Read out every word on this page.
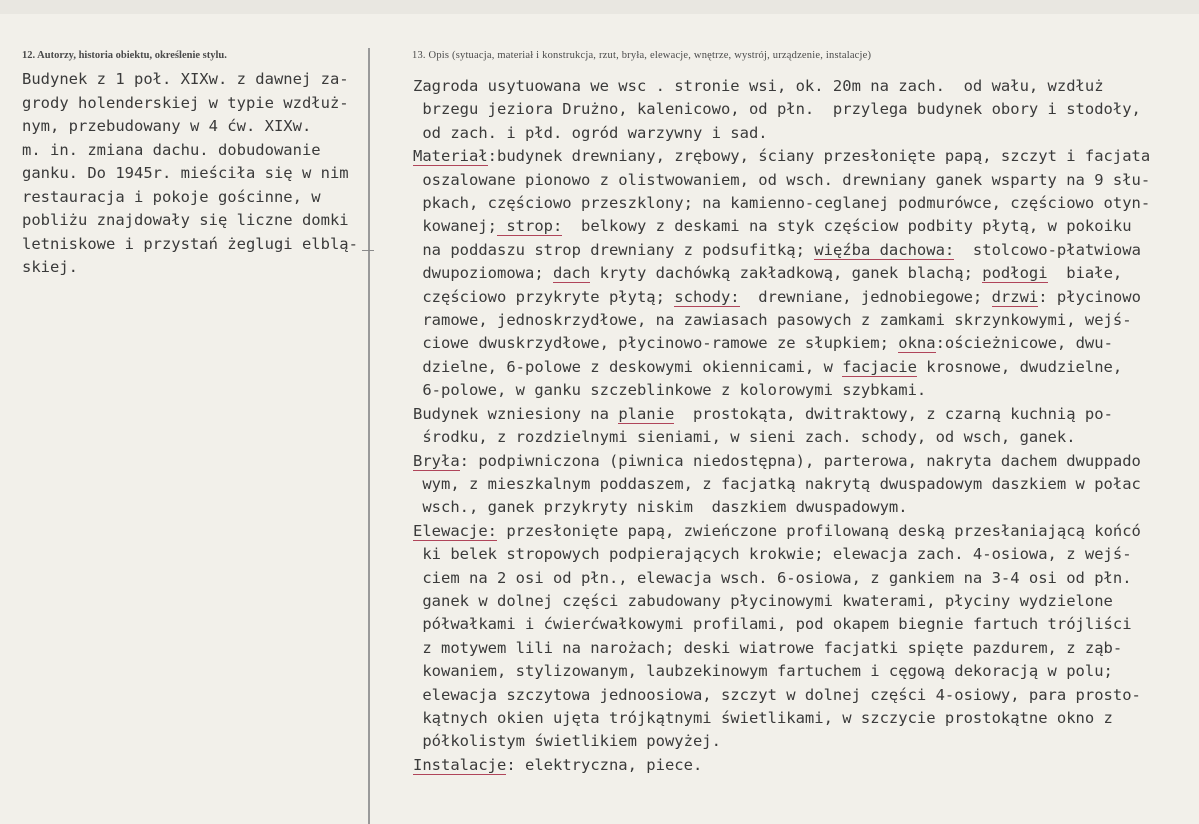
12. Autorzy, historia obiektu, określenie stylu.
Budynek z 1 poł. XIXw. z dawnej za-
grody holenderskiej w typie wzdłuż-
nym, przebudowany w 4 ćw. XIXw.
m. in. zmiana dachu. dobudowanie
ganku. Do 1945r. mieściła się w nim
restauracja i pokoje gościnne, w
pobliżu znajdowały się liczne domki
letniskowe i przystań żeglugi elblą-
skiej.
13. Opis (sytuacja, materiał i konstrukcja, rzut, bryła, elewacje, wnętrze, wystrój, urządzenie, instalacje)
Zagroda usytuowana we wsc . stronie wsi, ok. 20m na zach.  od wału, wzdłuż
brzegu jeziora Drużno, kalenicowo, od płn.  przylega budynek obory i stodoły,
od zach. i płd. ogród warzywny i sad.
Materiał:budynek drewniany, zrębowy, ściany przesłonięte papą, szczyt i facjata
oszalowane pionowo z olistwowaniem, od wsch. drewniany ganek wsparty na 9 słu-
pkach, częściowo przeszklony; na kamienno-ceglanej podmurówce, częściowo otyn-
kowanej; strop:  belkowy z deskami na styk częściow podbity płytą, w pokoiku
na poddaszu strop drewniany z podsufitką; więźba dachowa:  stolcowo-płatwiowa
dwupoziomowa; dach kryty dachówką zakładkową, ganek blachą; podłogi  białe,
częściowo przykryte płytą; schody:  drewniane, jednobiegowe; drzwi: płycinowo
ramowe, jednoskrzydłowe, na zawiasach pasowych z zamkami skrzynkowymi, wejś-
ciowe dwuskrzydłowe, płycinowo-ramowe ze słupkiem; okna:ościeżnicowe, dwu-
dzielne, 6-polowe z deskowymi okiennicami, w facjacie krosnowe, dwudzielne,
6-polowe, w ganku szczeblinkowe z kolorowymi szybkami.
Budynek wzniesiony na planie  prostokąta, dwitraktowy, z czarną kuchnią po-
środku, z rozdzielnymi sieniami, w sieni zach. schody, od wsch, ganek.
Bryła: podpiwniczona (piwnica niedostępna), parterowa, nakryta dachem dwuppado
wym, z mieszkalnym poddaszem, z facjatką nakrytą dwuspadowym daszkiem w połac
wsch., ganek przykryty niskim  daszkiem dwuspadowym.
Elewacje: przesłonięte papą, zwieńczone profilowaną deską przesłaniającą końcó
ki belek stropowych podpierających krokwie; elewacja zach. 4-osiowa, z wejś-
ciem na 2 osi od płn., elewacja wsch. 6-osiowa, z gankiem na 3-4 osi od płn.
ganek w dolnej części zabudowany płycinowymi kwaterami, płyciny wydzielone
półwałkami i ćwierćwałkowymi profilami, pod okapem biegnie fartuch trójliści
z motywem lili na narożach; deski wiatrowe facjatki spięte pazdurem, z ząb-
kowaniem, stylizowanym, laubzekinowym fartuchem i cęgową dekoracją w polu;
elewacja szczytowa jednoosiowa, szczyt w dolnej części 4-osiowy, para prosto-
kątnych okien ujęta trójkątnymi świetlikami, w szczycie prostokątne okno z
półkolistym świetlikiem powyżej.
Instalacje: elektryczna, piece.
